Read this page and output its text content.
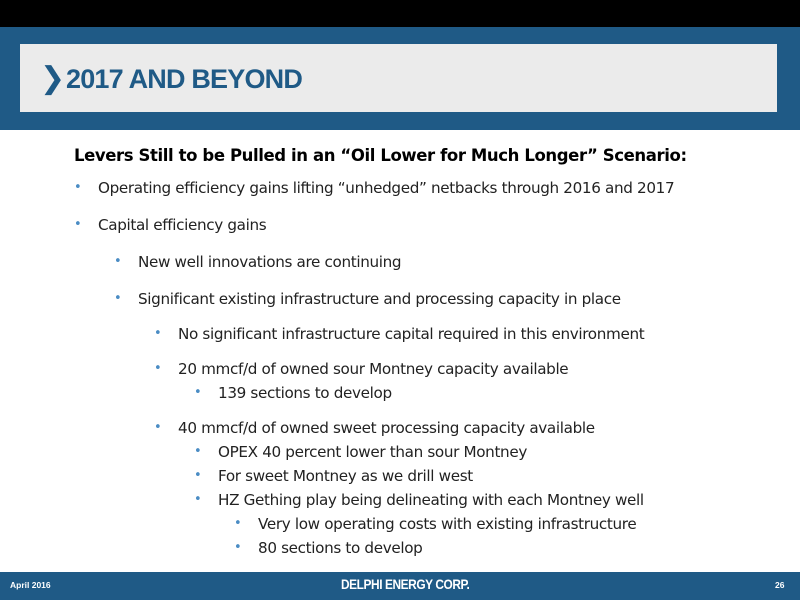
❯ 2017 AND BEYOND
Levers Still to be Pulled in an “Oil Lower for Much Longer” Scenario:
• Operating efficiency gains lifting “unhedged” netbacks through 2016 and 2017
• Capital efficiency gains
• New well innovations are continuing
• Significant existing infrastructure and processing capacity in place
• No significant infrastructure capital required in this environment
• 20 mmcf/d of owned sour Montney capacity available
• 139 sections to develop
• 40 mmcf/d of owned sweet processing capacity available
• OPEX 40 percent lower than sour Montney
• For sweet Montney as we drill west
• HZ Gething play being delineating with each Montney well
• Very low operating costs with existing infrastructure
• 80 sections to develop
April 2016	DELPHI ENERGY CORP.	26
